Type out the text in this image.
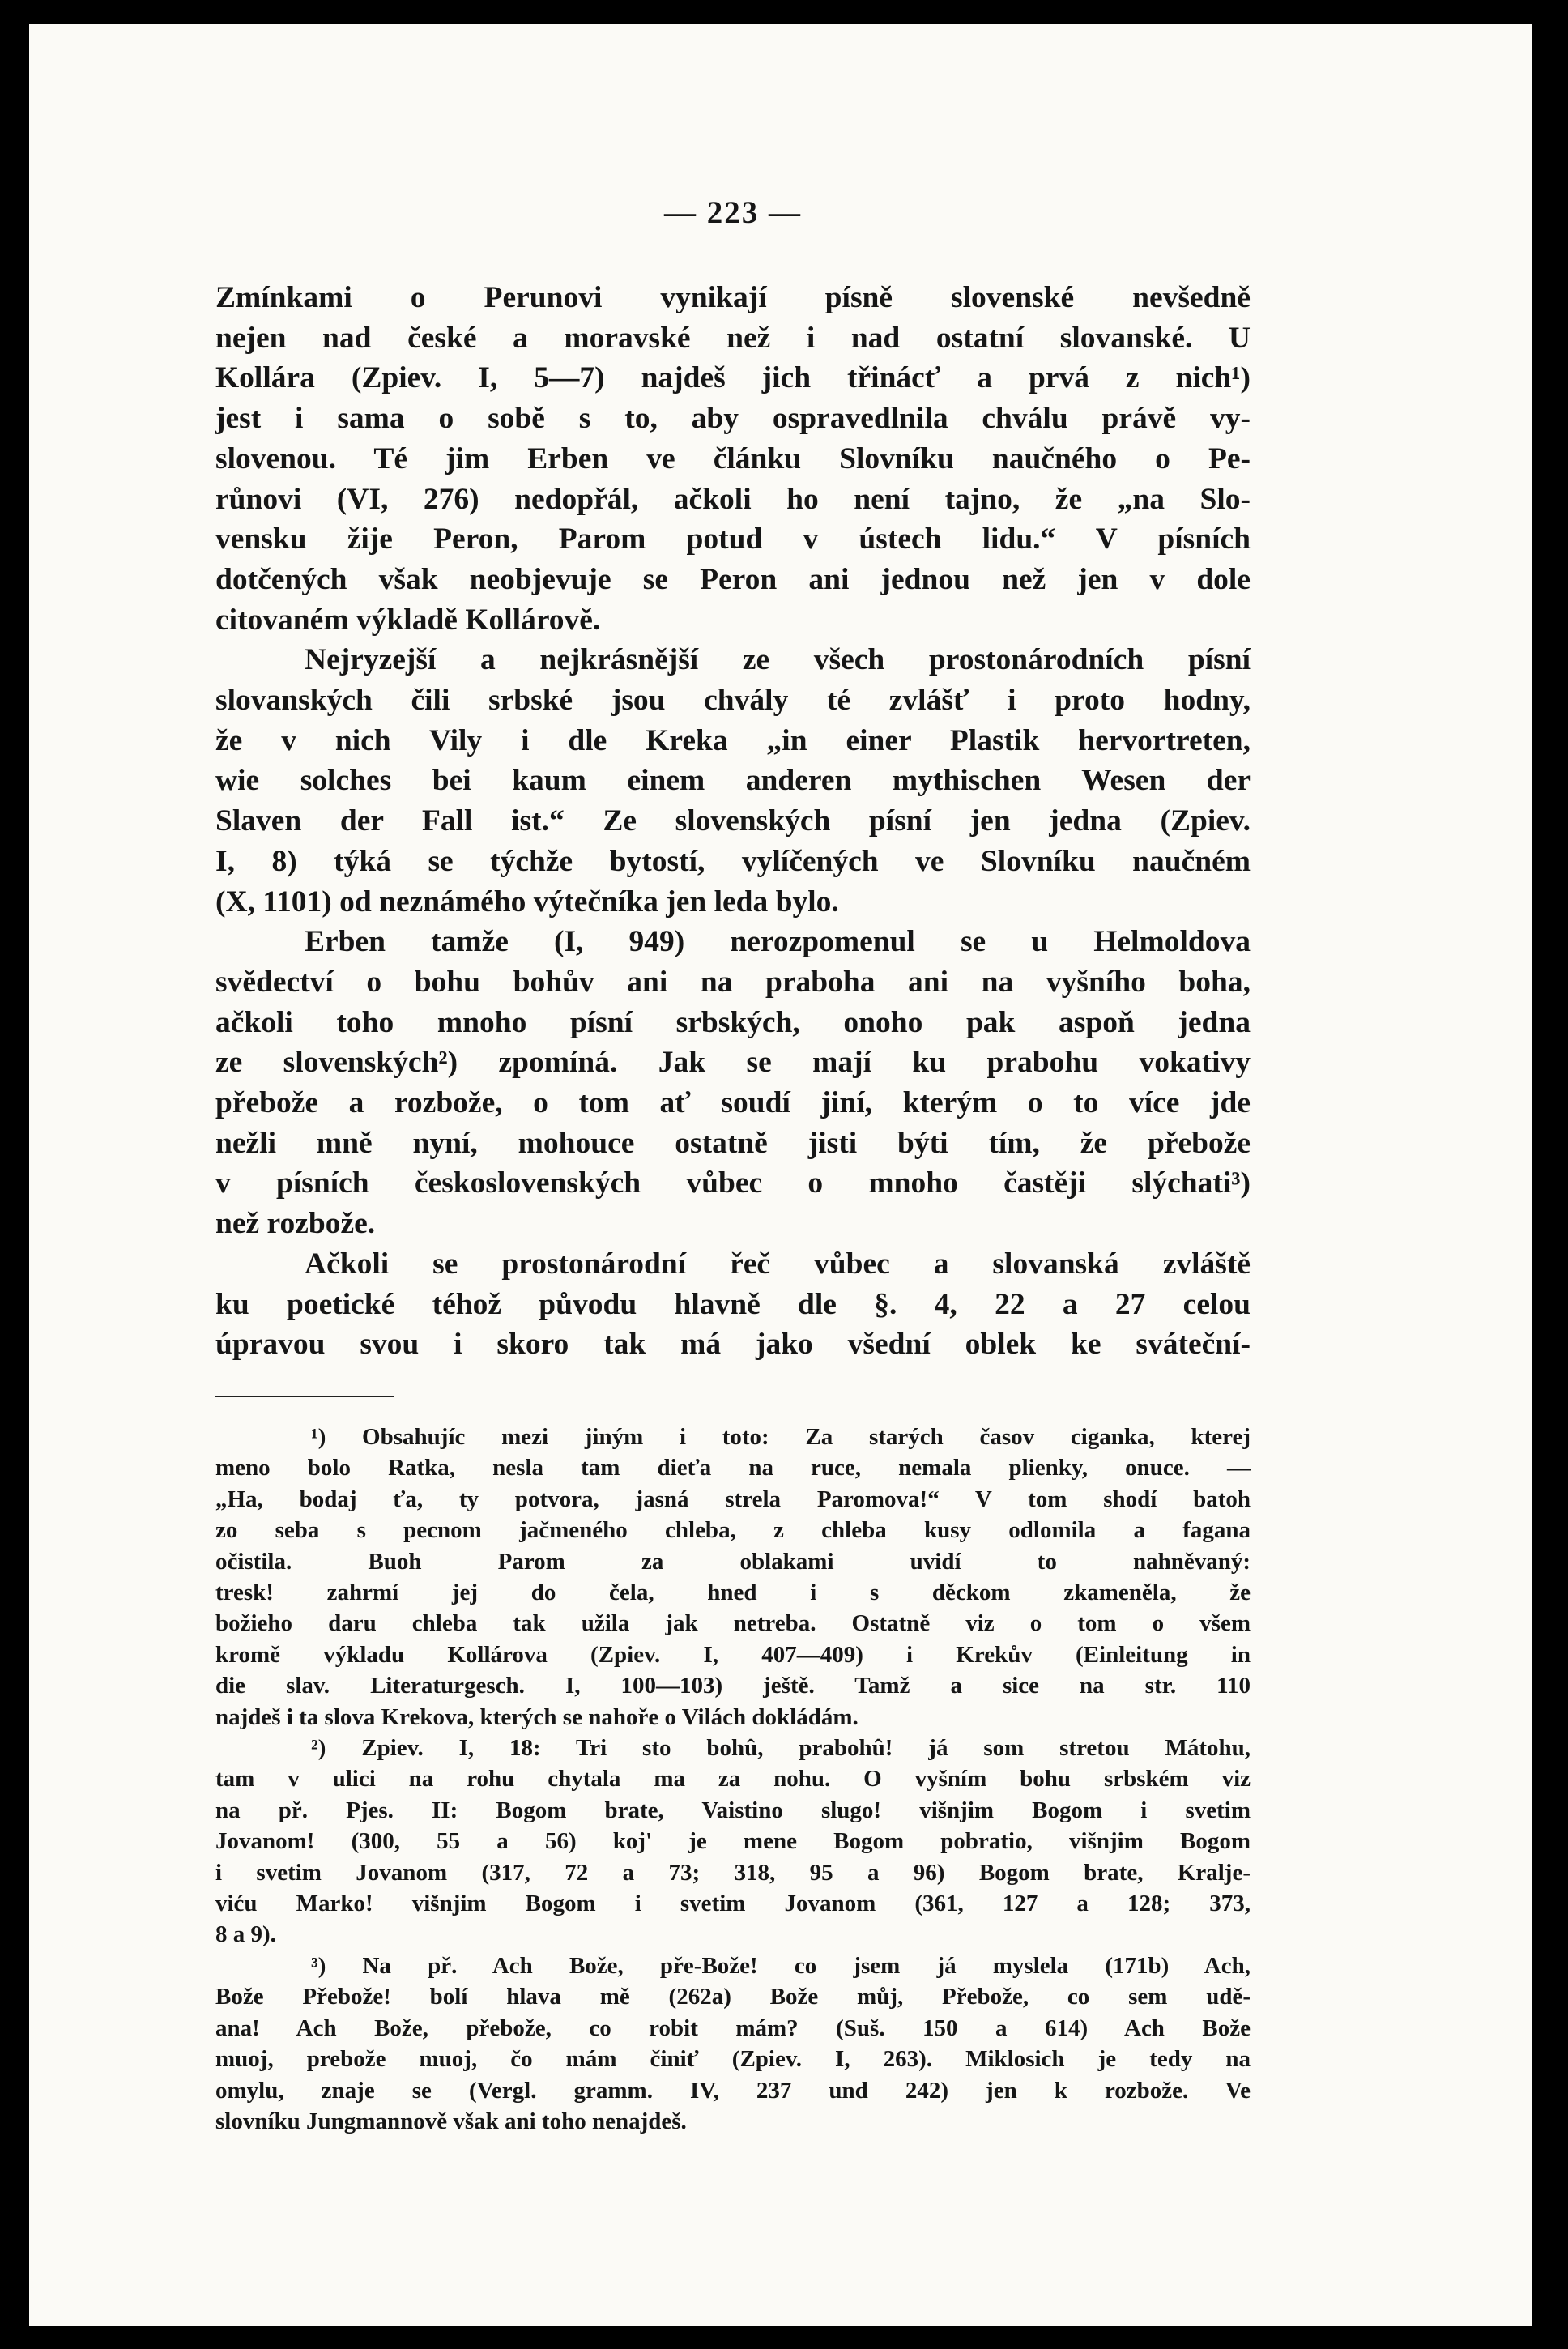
— 223 —
Zmínkami o Perunovi vynikají písně slovenské nevšedně
nejen nad české a moravské než i nad ostatní slovanské. U
Kollára (Zpiev. I, 5—7) najdeš jich třinácť a prvá z nich¹)
jest i sama o sobě s to, aby ospravedlnila chválu právě vy-
slovenou. Té jim Erben ve článku Slovníku naučného o Pe-
růnovi (VI, 276) nedopřál, ačkoli ho není tajno, že „na Slo-
vensku žije Peron, Parom potud v ústech lidu.“ V písních
dotčených však neobjevuje se Peron ani jednou než jen v dole
citovaném výkladě Kollárově.
Nejryzejší a nejkrásnější ze všech prostonárodních písní
slovanských čili srbské jsou chvály té zvlášť i proto hodny,
že v nich Vily i dle Kreka „in einer Plastik hervortreten,
wie solches bei kaum einem anderen mythischen Wesen der
Slaven der Fall ist.“ Ze slovenských písní jen jedna (Zpiev.
I, 8) týká se týchže bytostí, vylíčených ve Slovníku naučném
(X, 1101) od neznámého výtečníka jen leda bylo.
Erben tamže (I, 949) nerozpomenul se u Helmoldova
svědectví o bohu bohův ani na praboha ani na vyšního boha,
ačkoli toho mnoho písní srbských, onoho pak aspoň jedna
ze slovenských²) zpomíná. Jak se mají ku prabohu vokativy
přebože a rozbože, o tom ať soudí jiní, kterým o to více jde
nežli mně nyní, mohouce ostatně jisti býti tím, že přebože
v písních československých vůbec o mnoho častěji slýchati³)
než rozbože.
Ačkoli se prostonárodní řeč vůbec a slovanská zvláště
ku poetické téhož původu hlavně dle §. 4, 22 a 27 celou
úpravou svou i skoro tak má jako všední oblek ke sváteční-
¹) Obsahujíc mezi jiným i toto: Za starých časov ciganka, kterej
meno bolo Ratka, nesla tam dieťa na ruce, nemala plienky, onuce. —
„Ha, bodaj ťa, ty potvora, jasná strela Paromova!“ V tom shodí batoh
zo seba s pecnom jačmeného chleba, z chleba kusy odlomila a fagana
očistila. Buoh Parom za oblakami uvidí to nahněvaný:
tresk! zahrmí jej do čela, hned i s děckom zkameněla, že
božieho daru chleba tak užila jak netreba. Ostatně viz o tom o všem
kromě výkladu Kollárova (Zpiev. I, 407—409) i Krekův (Einleitung in
die slav. Literaturgesch. I, 100—103) ještě. Tamž a sice na str. 110
najdeš i ta slova Krekova, kterých se nahoře o Vilách dokládám.
²) Zpiev. I, 18: Tri sto bohû, prabohû! já som stretou Mátohu,
tam v ulici na rohu chytala ma za nohu. O vyšním bohu srbském viz
na př. Pjes. II: Bogom brate, Vaistino slugo! višnjim Bogom i svetim
Jovanom! (300, 55 a 56) koj' je mene Bogom pobratio, višnjim Bogom
i svetim Jovanom (317, 72 a 73; 318, 95 a 96) Bogom brate, Kralje-
viću Marko! višnjim Bogom i svetim Jovanom (361, 127 a 128; 373,
8 a 9).
³) Na př. Ach Bože, pře-Bože! co jsem já myslela (171b) Ach,
Bože Přebože! bolí hlava mě (262a) Bože můj, Přebože, co sem udě-
ana! Ach Bože, přebože, co robit mám? (Suš. 150 a 614) Ach Bože
muoj, prebože muoj, čo mám činiť (Zpiev. I, 263). Miklosich je tedy na
omylu, znaje se (Vergl. gramm. IV, 237 und 242) jen k rozbože. Ve
slovníku Jungmannově však ani toho nenajdeš.
